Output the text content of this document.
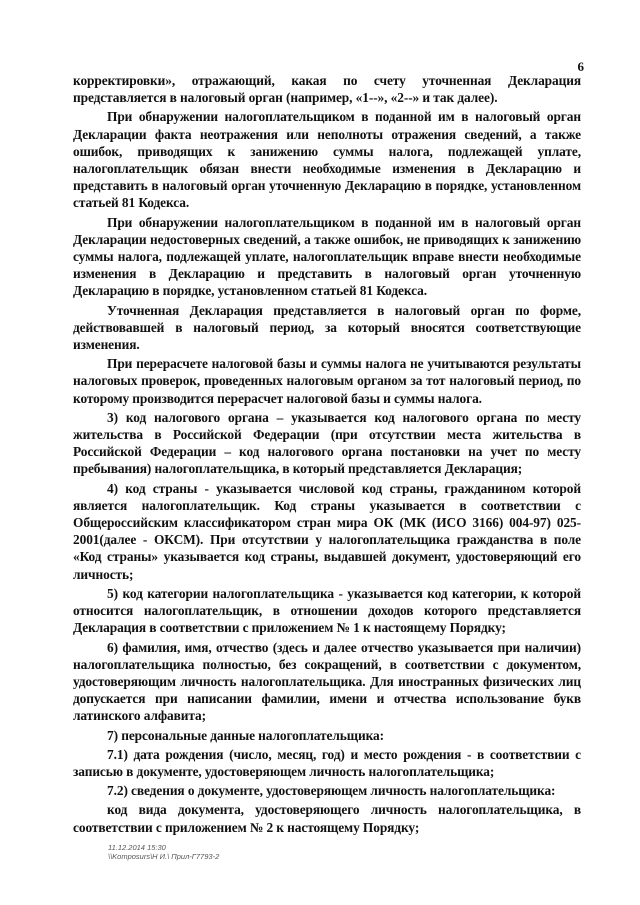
6

корректировки», отражающий, какая по счету уточненная Декларация представляется в налоговый орган (например, «1--», «2--» и так далее).

При обнаружении налогоплательщиком в поданной им в налоговый орган Декларации факта неотражения или неполноты отражения сведений, а также ошибок, приводящих к занижению суммы налога, подлежащей уплате, налогоплательщик обязан внести необходимые изменения в Декларацию и представить в налоговый орган уточненную Декларацию в порядке, установленном статьей 81 Кодекса.

При обнаружении налогоплательщиком в поданной им в налоговый орган Декларации недостоверных сведений, а также ошибок, не приводящих к занижению суммы налога, подлежащей уплате, налогоплательщик вправе внести необходимые изменения в Декларацию и представить в налоговый орган уточненную Декларацию в порядке, установленном статьей 81 Кодекса.

Уточненная Декларация представляется в налоговый орган по форме, действовавшей в налоговый период, за который вносятся соответствующие изменения.

При перерасчете налоговой базы и суммы налога не учитываются результаты налоговых проверок, проведенных налоговым органом за тот налоговый период, по которому производится перерасчет налоговой базы и суммы налога.

3) код налогового органа – указывается код налогового органа по месту жительства в Российской Федерации (при отсутствии места жительства в Российской Федерации – код налогового органа постановки на учет по месту пребывания) налогоплательщика, в который представляется Декларация;

4) код страны - указывается числовой код страны, гражданином которой является налогоплательщик. Код страны указывается в соответствии с Общероссийским классификатором стран мира ОК (МК (ИСО 3166) 004-97) 025-2001(далее - ОКСМ). При отсутствии у налогоплательщика гражданства в поле «Код страны» указывается код страны, выдавшей документ, удостоверяющий его личность;

5) код категории налогоплательщика - указывается код категории, к которой относится налогоплательщик, в отношении доходов которого представляется Декларация в соответствии с приложением № 1 к настоящему Порядку;

6) фамилия, имя, отчество (здесь и далее отчество указывается при наличии) налогоплательщика полностью, без сокращений, в соответствии с документом, удостоверяющим личность налогоплательщика. Для иностранных физических лиц допускается при написании фамилии, имени и отчества использование букв латинского алфавита;

7) персональные данные налогоплательщика:

7.1) дата рождения (число, месяц, год) и место рождения - в соответствии с записью в документе, удостоверяющем личность налогоплательщика;

7.2) сведения о документе, удостоверяющем личность налогоплательщика:

код вида документа, удостоверяющего личность налогоплательщика, в соответствии с приложением № 2 к настоящему Порядку;

11.12.2014 15:30
\\Komposurs\Н И.\ Прил-Г7793-2
